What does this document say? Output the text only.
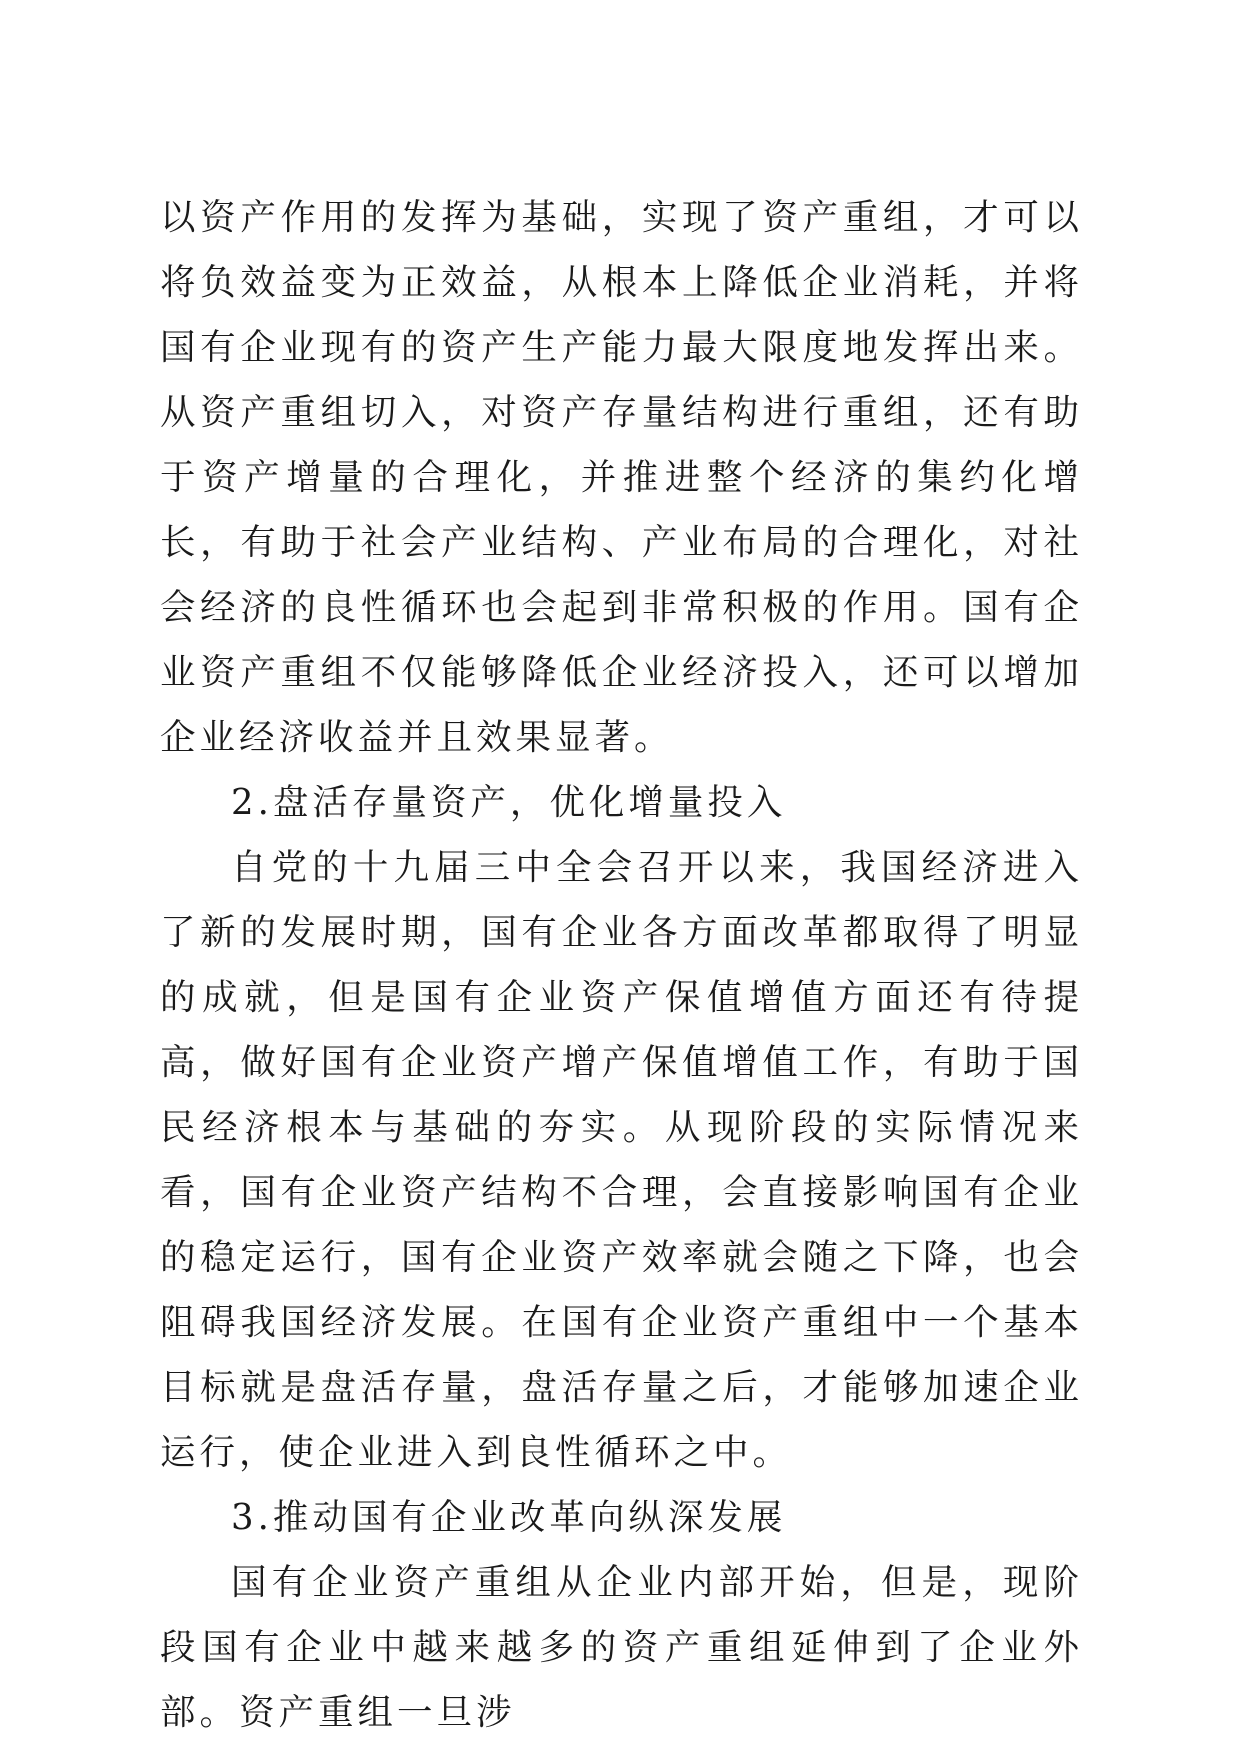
以资产作用的发挥为基础，实现了资产重组，才可以将负效益变为正效益，从根本上降低企业消耗，并将国有企业现有的资产生产能力最大限度地发挥出来。从资产重组切入，对资产存量结构进行重组，还有助于资产增量的合理化，并推进整个经济的集约化增长，有助于社会产业结构、产业布局的合理化，对社会经济的良性循环也会起到非常积极的作用。国有企业资产重组不仅能够降低企业经济投入，还可以增加企业经济收益并且效果显著。

2.盘活存量资产，优化增量投入

自党的十九届三中全会召开以来，我国经济进入了新的发展时期，国有企业各方面改革都取得了明显的成就，但是国有企业资产保值增值方面还有待提高，做好国有企业资产增产保值增值工作，有助于国民经济根本与基础的夯实。从现阶段的实际情况来看，国有企业资产结构不合理，会直接影响国有企业的稳定运行，国有企业资产效率就会随之下降，也会阻碍我国经济发展。在国有企业资产重组中一个基本目标就是盘活存量，盘活存量之后，才能够加速企业运行，使企业进入到良性循环之中。

3.推动国有企业改革向纵深发展

国有企业资产重组从企业内部开始，但是，现阶段国有企业中越来越多的资产重组延伸到了企业外部。资产重组一旦涉
